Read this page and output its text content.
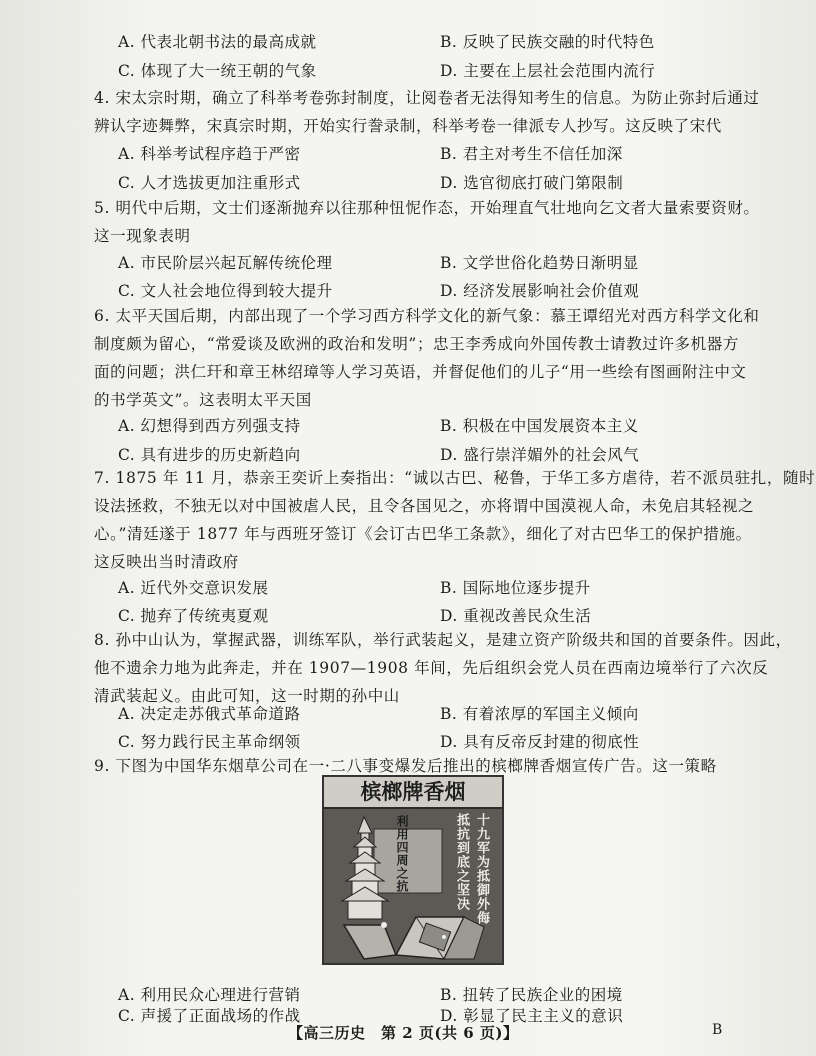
A. 代表北朝书法的最高成就	B. 反映了民族交融的时代特色
C. 体现了大一统王朝的气象	D. 主要在上层社会范围内流行

4. 宋太宗时期，确立了科举考卷弥封制度，让阅卷者无法得知考生的信息。为防止弥封后通过

辨认字迹舞弊，宋真宗时期，开始实行誊录制，科举考卷一律派专人抄写。这反映了宋代

A. 科举考试程序趋于严密	B. 君主对考生不信任加深
C. 人才选拔更加注重形式	D. 选官彻底打破门第限制

5. 明代中后期，文士们逐渐抛弃以往那种忸怩作态，开始理直气壮地向乞文者大量索要资财。

这一现象表明

A. 市民阶层兴起瓦解传统伦理	B. 文学世俗化趋势日渐明显
C. 文人社会地位得到较大提升	D. 经济发展影响社会价值观

6. 太平天国后期，内部出现了一个学习西方科学文化的新气象：慕王谭绍光对西方科学文化和

制度颇为留心，“常爱谈及欧洲的政治和发明”；忠王李秀成向外国传教士请教过许多机器方

面的问题；洪仁玕和章王林绍璋等人学习英语，并督促他们的儿子“用一些绘有图画附注中文

的书学英文”。这表明太平天国

A. 幻想得到西方列强支持	B. 积极在中国发展资本主义
C. 具有进步的历史新趋向	D. 盛行崇洋媚外的社会风气

7. 1875 年 11 月，恭亲王奕䜣上奏指出：“诚以古巴、秘鲁，于华工多方虐待，若不派员驻扎，随时

设法拯救，不独无以对中国被虐人民，且令各国见之，亦将谓中国漠视人命，未免启其轻视之

心。”清廷遂于 1877 年与西班牙签订《会订古巴华工条款》，细化了对古巴华工的保护措施。

这反映出当时清政府

A. 近代外交意识发展	B. 国际地位逐步提升
C. 抛弃了传统夷夏观	D. 重视改善民众生活

8. 孙中山认为，掌握武器，训练军队，举行武装起义，是建立资产阶级共和国的首要条件。因此，

他不遗余力地为此奔走，并在 1907—1908 年间，先后组织会党人员在西南边境举行了六次反

清武装起义。由此可知，这一时期的孙中山

A. 决定走苏俄式革命道路	B. 有着浓厚的军国主义倾向
C. 努力践行民主革命纲领	D. 具有反帝反封建的彻底性

9. 下图为中国华东烟草公司在一·二八事变爆发后推出的槟榔牌香烟宣传广告。这一策略

槟榔牌香烟
十九军为抵御外侮
抵抗到底之坚决
利用四周之抗
A. 利用民众心理进行营销	B. 扭转了民族企业的困境
C. 声援了正面战场的作战	D. 彰显了民主主义的意识
【高三历史　第 2 页(共 6 页)】	B
